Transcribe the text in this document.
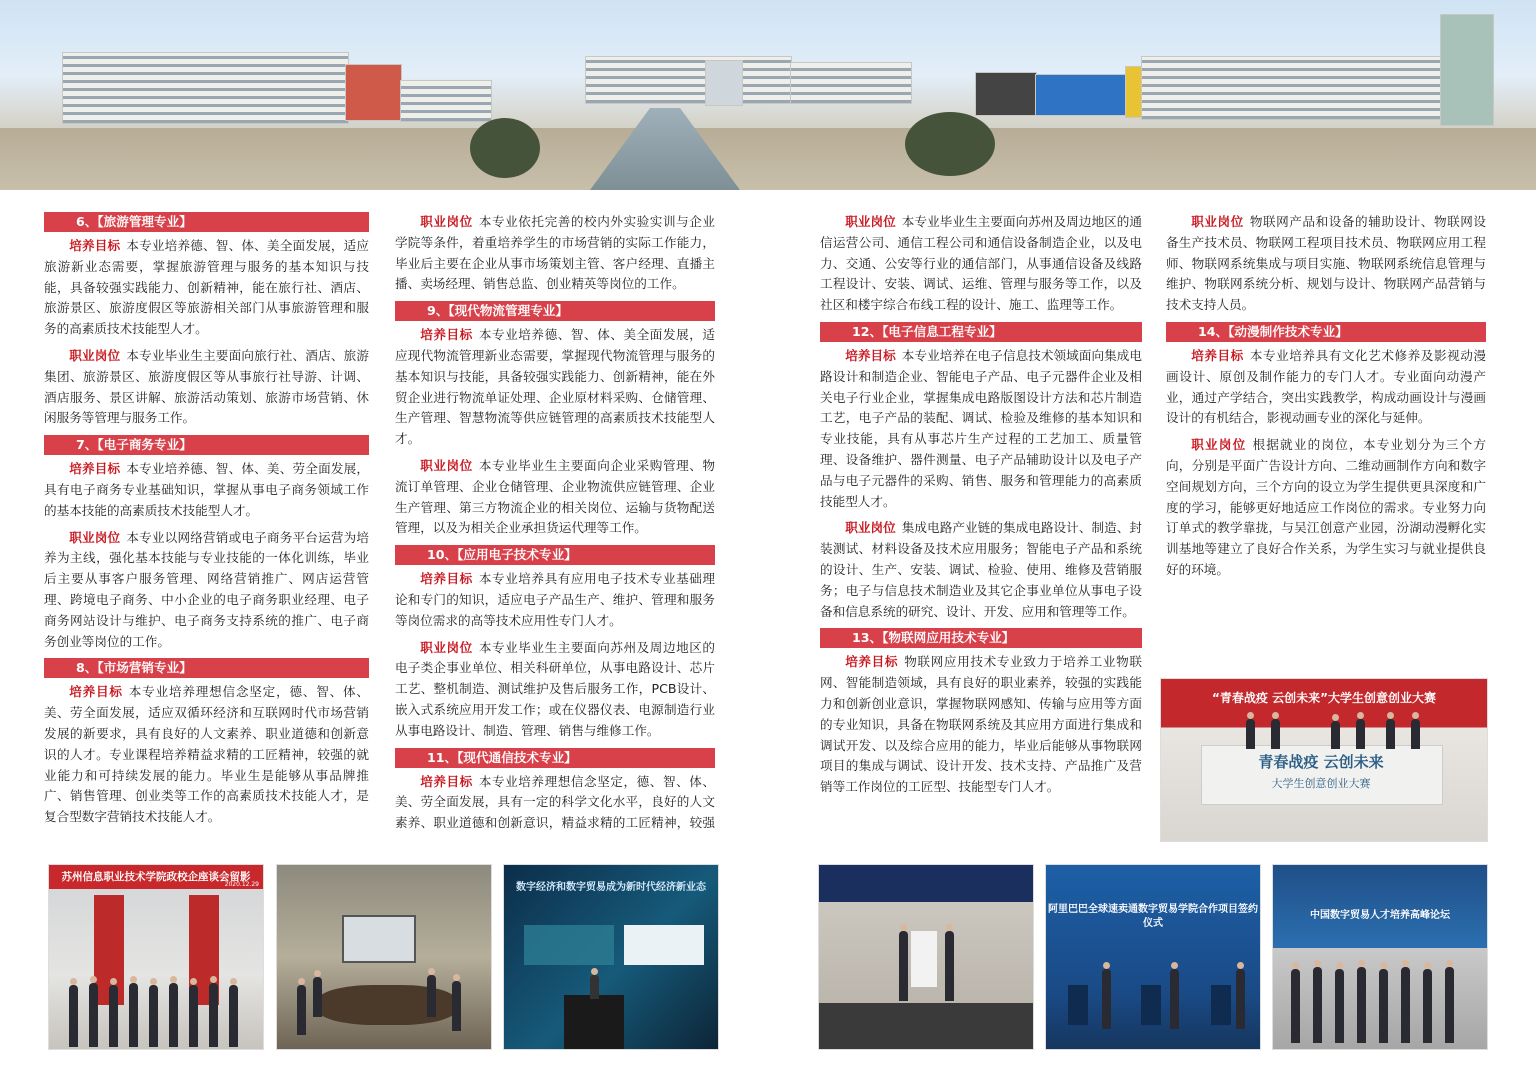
6、【旅游管理专业】

培养目标 本专业培养德、智、体、美全面发展，适应旅游新业态需要，掌握旅游管理与服务的基本知识与技能，具备较强实践能力、创新精神，能在旅行社、酒店、旅游景区、旅游度假区等旅游相关部门从事旅游管理和服务的高素质技术技能型人才。

职业岗位 本专业毕业生主要面向旅行社、酒店、旅游集团、旅游景区、旅游度假区等从事旅行社导游、计调、酒店服务、景区讲解、旅游活动策划、旅游市场营销、休闲服务等管理与服务工作。

7、【电子商务专业】

培养目标 本专业培养德、智、体、美、劳全面发展，具有电子商务专业基础知识，掌握从事电子商务领域工作的基本技能的高素质技术技能型人才。

职业岗位 本专业以网络营销或电子商务平台运营为培养为主线，强化基本技能与专业技能的一体化训练，毕业后主要从事客户服务管理、网络营销推广、网店运营管理、跨境电子商务、中小企业的电子商务职业经理、电子商务网站设计与维护、电子商务支持系统的推广、电子商务创业等岗位的工作。

8、【市场营销专业】

培养目标 本专业培养理想信念坚定，德、智、体、美、劳全面发展，适应双循环经济和互联网时代市场营销发展的新要求，具有良好的人文素养、职业道德和创新意识的人才。专业课程培养精益求精的工匠精神，较强的就业能力和可持续发展的能力。毕业生是能够从事品牌推广、销售管理、创业类等工作的高素质技术技能人才，是复合型数字营销技术技能人才。

职业岗位 本专业依托完善的校内外实验实训与企业学院等条件，着重培养学生的市场营销的实际工作能力，毕业后主要在企业从事市场策划主管、客户经理、直播主播、卖场经理、销售总监、创业精英等岗位的工作。

9、【现代物流管理专业】

培养目标 本专业培养德、智、体、美全面发展，适应现代物流管理新业态需要，掌握现代物流管理与服务的基本知识与技能，具备较强实践能力、创新精神，能在外贸企业进行物流单证处理、企业原材料采购、仓储管理、生产管理、智慧物流等供应链管理的高素质技术技能型人才。

职业岗位 本专业毕业生主要面向企业采购管理、物流订单管理、企业仓储管理、企业物流供应链管理、企业生产管理、第三方物流企业的相关岗位、运输与货物配送管理，以及为相关企业承担货运代理等工作。

10、【应用电子技术专业】

培养目标 本专业培养具有应用电子技术专业基础理论和专门的知识，适应电子产品生产、维护、管理和服务等岗位需求的高等技术应用性专门人才。

职业岗位 本专业毕业生主要面向苏州及周边地区的电子类企事业单位、相关科研单位，从事电路设计、芯片工艺、整机制造、测试维护及售后服务工作，PCB设计、嵌入式系统应用开发工作；或在仪器仪表、电源制造行业从事电路设计、制造、管理、销售与维修工作。

11、【现代通信技术专业】

培养目标 本专业培养理想信念坚定，德、智、体、美、劳全面发展，具有一定的科学文化水平，良好的人文素养、职业道德和创新意识，精益求精的工匠精神，较强

职业岗位 本专业毕业生主要面向苏州及周边地区的通信运营公司、通信工程公司和通信设备制造企业，以及电力、交通、公安等行业的通信部门，从事通信设备及线路工程设计、安装、调试、运维、管理与服务等工作，以及社区和楼宇综合布线工程的设计、施工、监理等工作。

12、【电子信息工程专业】

培养目标 本专业培养在电子信息技术领域面向集成电路设计和制造企业、智能电子产品、电子元器件企业及相关电子行业企业，掌握集成电路版图设计方法和芯片制造工艺，电子产品的装配、调试、检验及维修的基本知识和专业技能，具有从事芯片生产过程的工艺加工、质量管理、设备维护、器件测量、电子产品辅助设计以及电子产品与电子元器件的采购、销售、服务和管理能力的高素质技能型人才。

职业岗位 集成电路产业链的集成电路设计、制造、封装测试、材料设备及技术应用服务；智能电子产品和系统的设计、生产、安装、调试、检验、使用、维修及营销服务；电子与信息技术制造业及其它企事业单位从事电子设备和信息系统的研究、设计、开发、应用和管理等工作。

13、【物联网应用技术专业】

培养目标 物联网应用技术专业致力于培养工业物联网、智能制造领域，具有良好的职业素养，较强的实践能力和创新创业意识，掌握物联网感知、传输与应用等方面的专业知识，具备在物联网系统及其应用方面进行集成和调试开发、以及综合应用的能力，毕业后能够从事物联网项目的集成与调试、设计开发、技术支持、产品推广及营销等工作岗位的工匠型、技能型专门人才。

职业岗位 物联网产品和设备的辅助设计、物联网设备生产技术员、物联网工程项目技术员、物联网应用工程师、物联网系统集成与项目实施、物联网系统信息管理与维护、物联网系统分析、规划与设计、物联网产品营销与技术支持人员。

14、【动漫制作技术专业】

培养目标 本专业培养具有文化艺术修养及影视动漫画设计、原创及制作能力的专门人才。专业面向动漫产业，通过产学结合，突出实践教学，构成动画设计与漫画设计的有机结合，影视动画专业的深化与延伸。

职业岗位 根据就业的岗位，本专业划分为三个方向，分别是平面广告设计方向、二维动画制作方向和数字空间规划方向，三个方向的设立为学生提供更具深度和广度的学习，能够更好地适应工作岗位的需求。专业努力向订单式的教学靠拢，与吴江创意产业园，汾湖动漫孵化实训基地等建立了良好合作关系，为学生实习与就业提供良好的环境。

“青春战疫 云创未来”大学生创意创业大赛
青春战疫 云创未来
大学生创意创业大赛
苏州信息职业技术学院政校企座谈会留影
2020.12.29	数字经济和数字贸易成为新时代经济新业态
阿里巴巴全球速卖通数字贸易学院合作项目签约仪式
中国数字贸易人才培养高峰论坛
